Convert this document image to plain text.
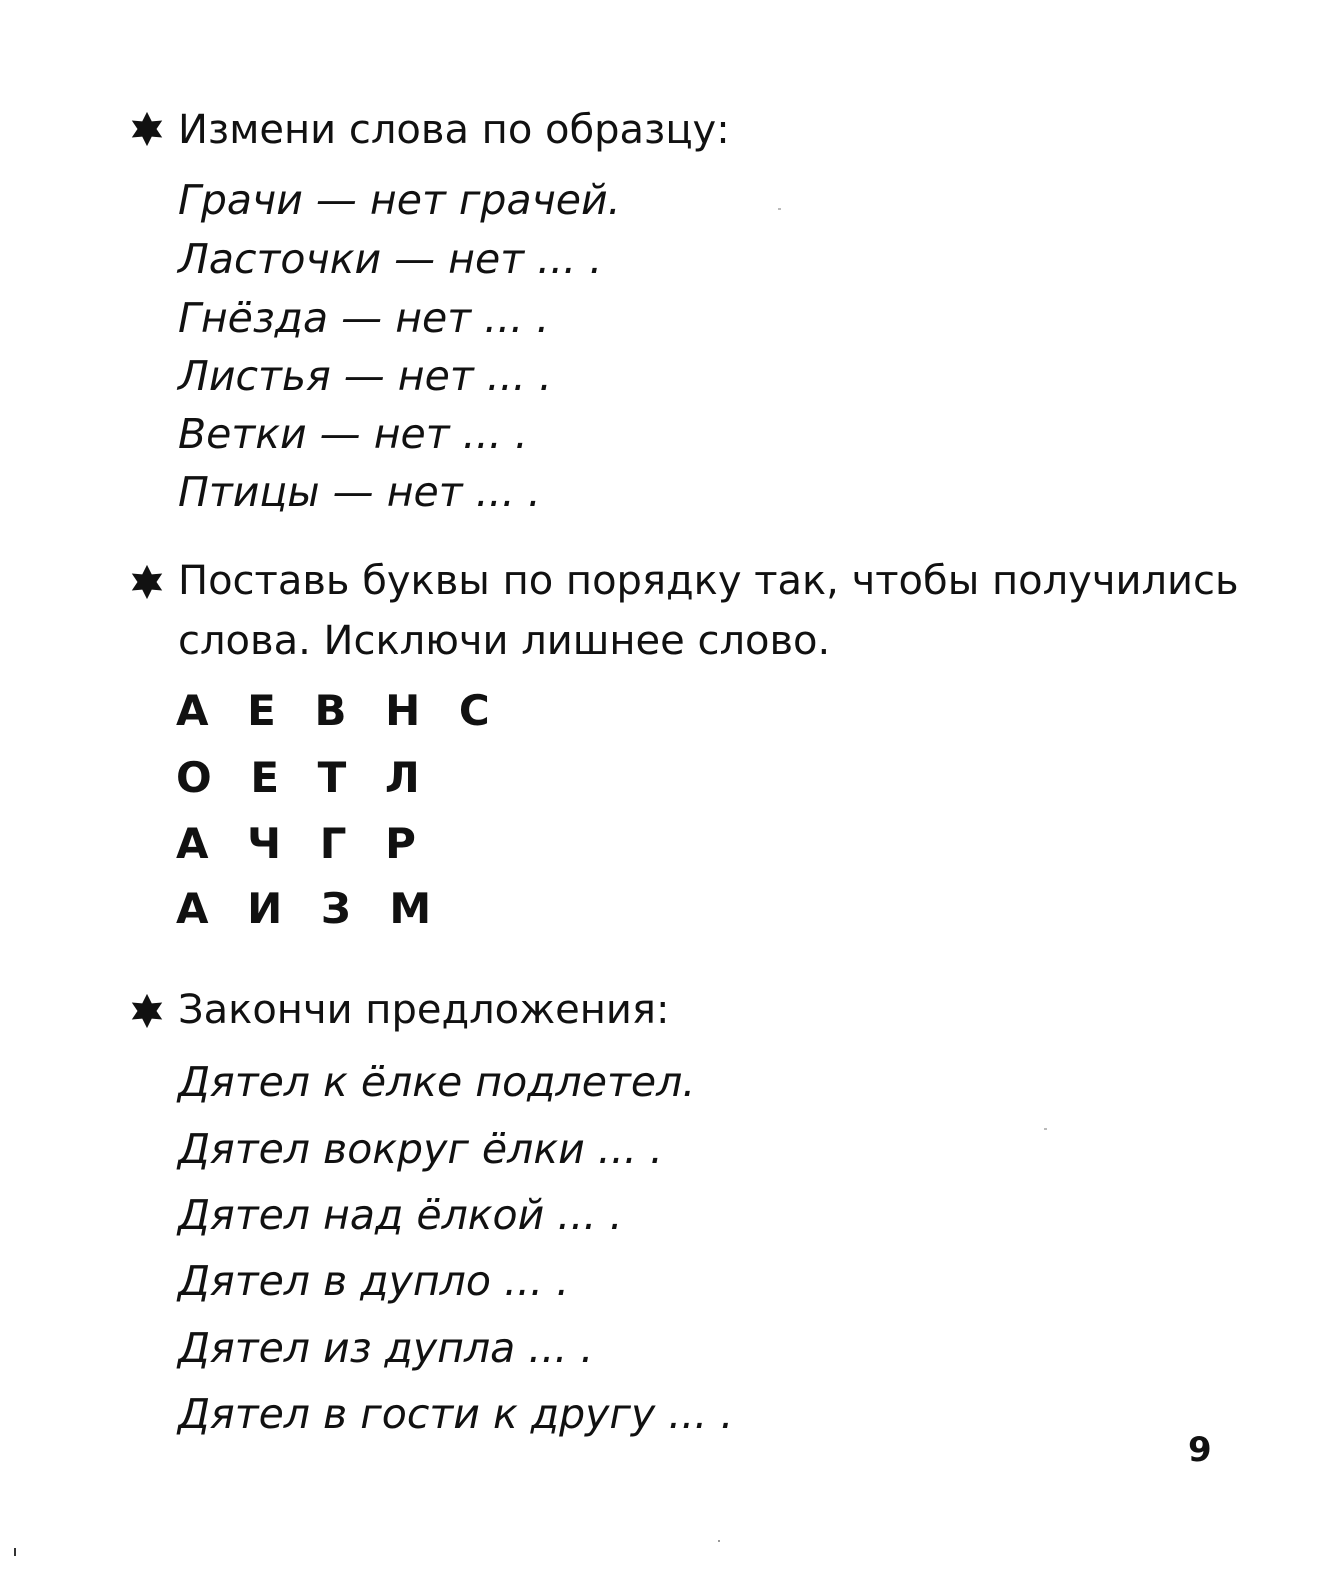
Измени слова по образцу:
Грачи — нет грачей.
Ласточки — нет ... .
Гнёзда — нет ... .
Листья — нет ... .
Ветки — нет ... .
Птицы — нет ... .
Поставь буквы по порядку так, чтобы получились
слова. Исключи лишнее слово.
А Е В Н С
О Е Т Л
А Ч Г Р
А И З М
Закончи предложения:
Дятел к ёлке подлетел.
Дятел вокруг ёлки ... .
Дятел над ёлкой ... .
Дятел в дупло ... .
Дятел из дупла ... .
Дятел в гости к другу ... .
9
